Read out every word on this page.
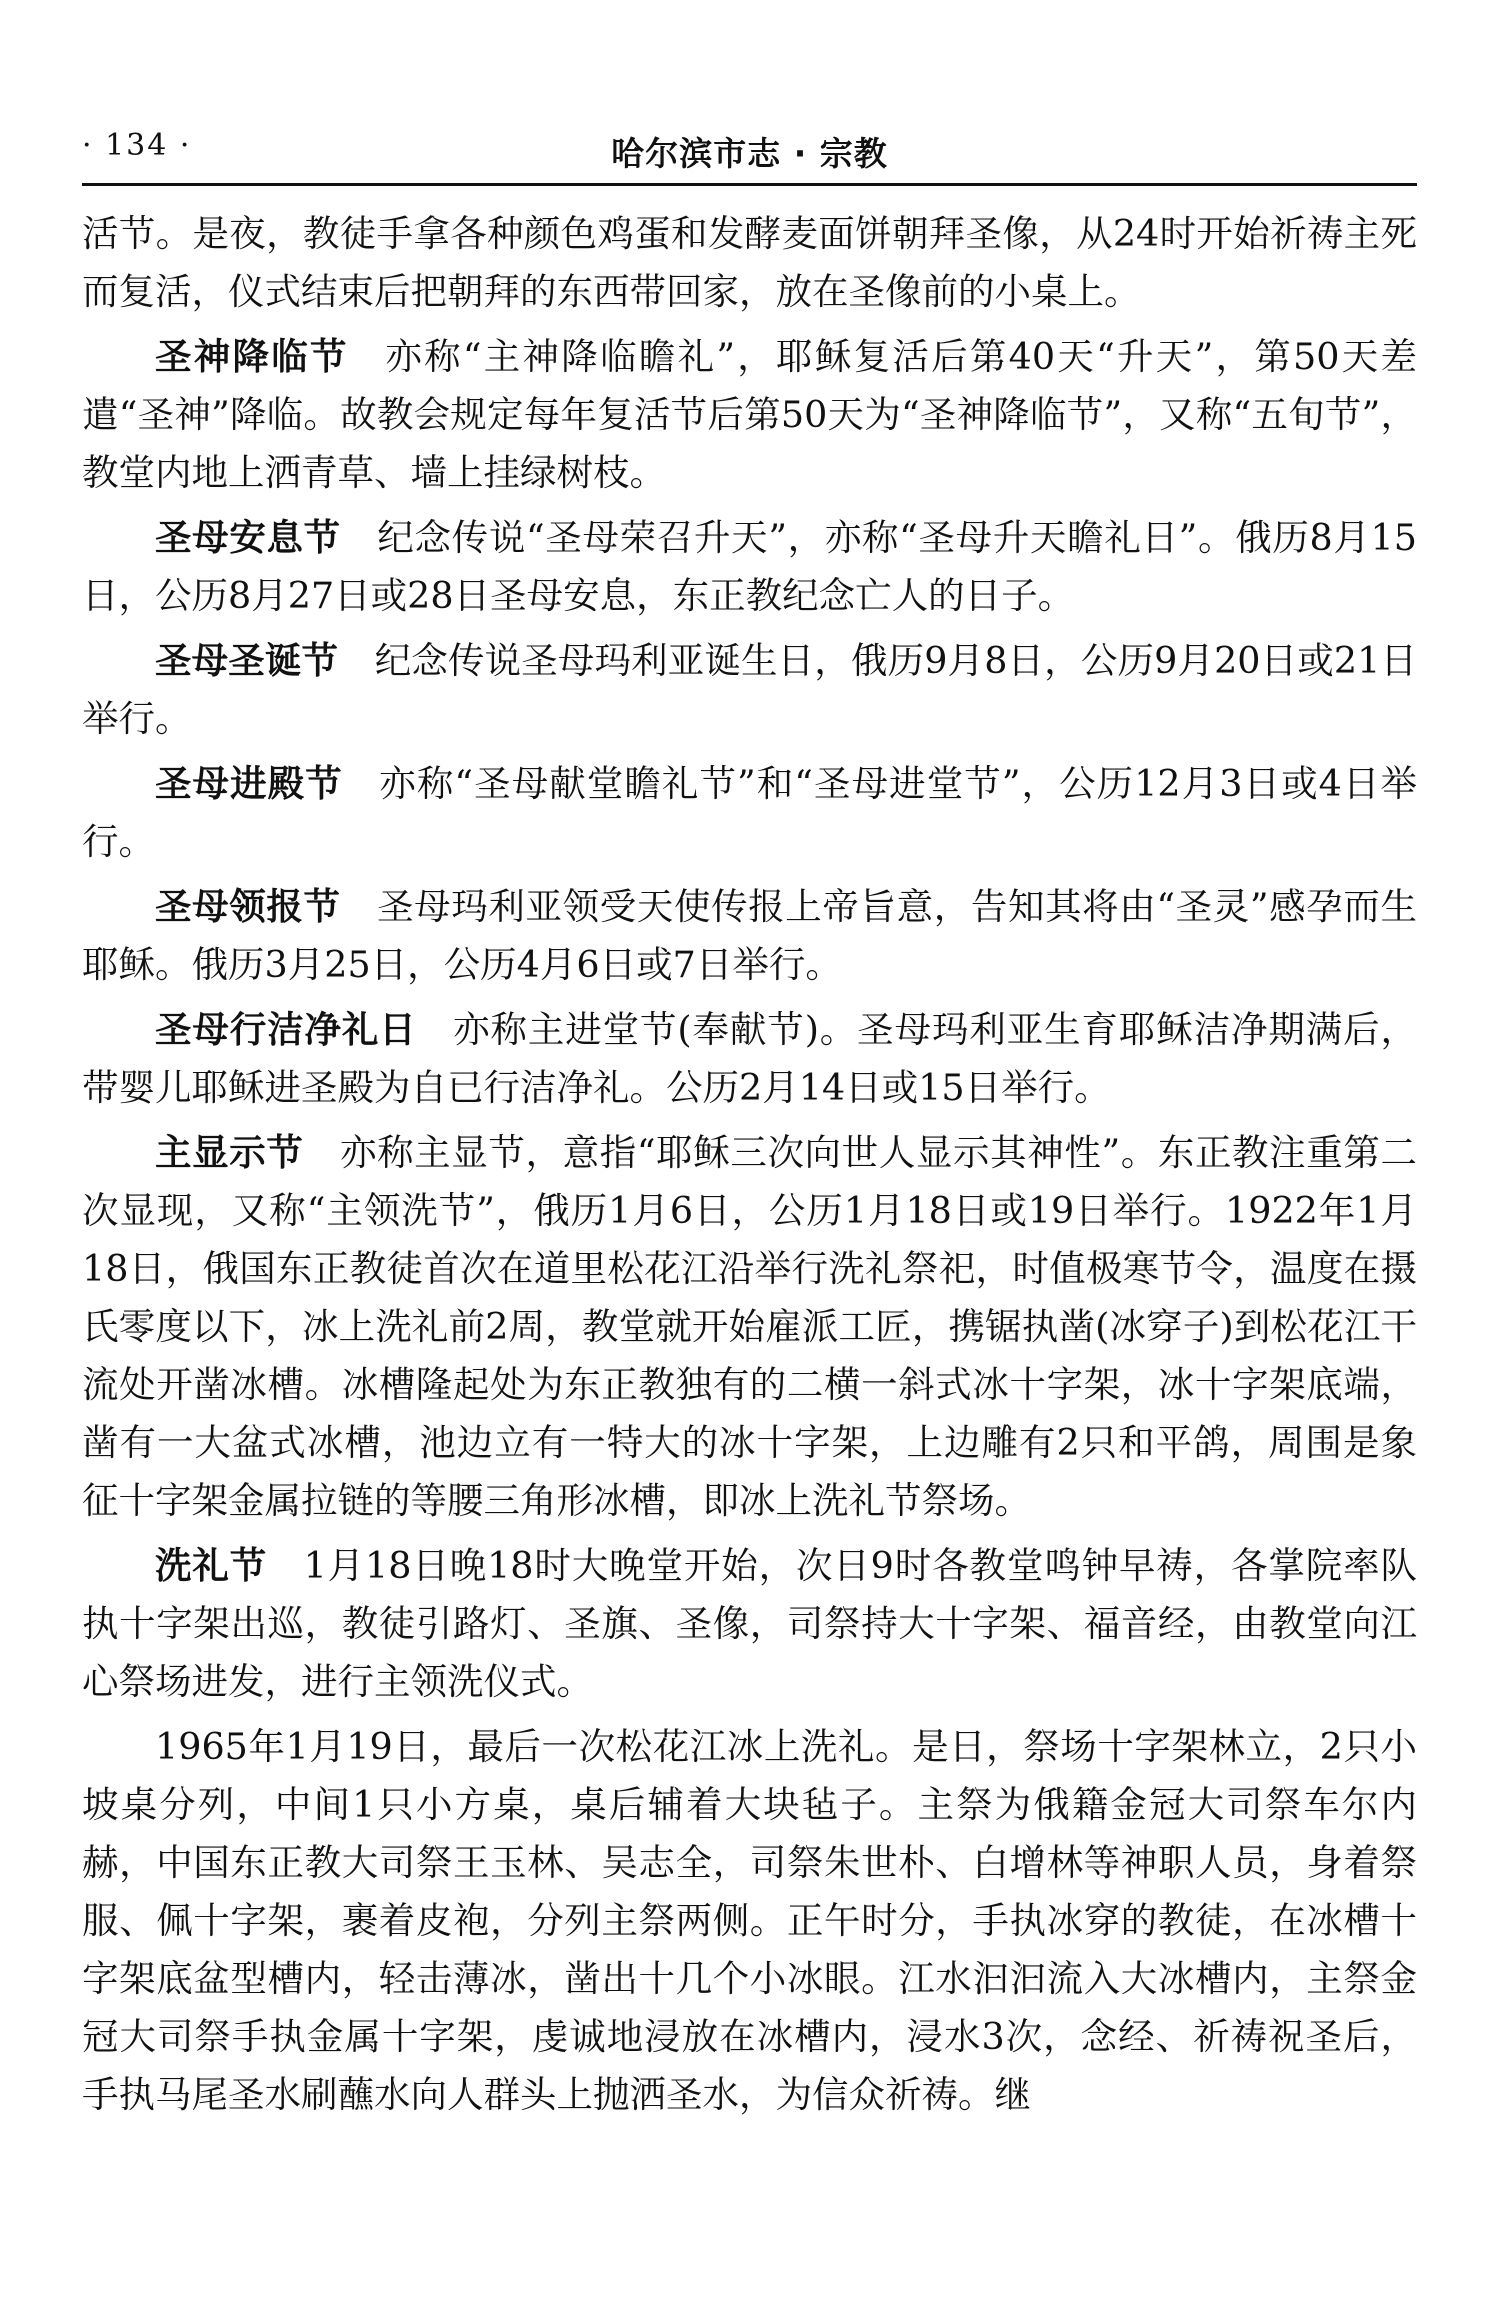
· 134 ·	哈尔滨市志 · 宗教

活节。是夜，教徒手拿各种颜色鸡蛋和发酵麦面饼朝拜圣像，从24时开始祈祷主死而复活，仪式结束后把朝拜的东西带回家，放在圣像前的小桌上。

圣神降临节 亦称“主神降临瞻礼”，耶稣复活后第40天“升天”，第50天差遣“圣神”降临。故教会规定每年复活节后第50天为“圣神降临节”，又称“五旬节”，教堂内地上洒青草、墙上挂绿树枝。

圣母安息节 纪念传说“圣母荣召升天”，亦称“圣母升天瞻礼日”。俄历8月15日，公历8月27日或28日圣母安息，东正教纪念亡人的日子。

圣母圣诞节 纪念传说圣母玛利亚诞生日，俄历9月8日，公历9月20日或21日举行。

圣母进殿节 亦称“圣母献堂瞻礼节”和“圣母进堂节”，公历12月3日或4日举行。

圣母领报节 圣母玛利亚领受天使传报上帝旨意，告知其将由“圣灵”感孕而生耶稣。俄历3月25日，公历4月6日或7日举行。

圣母行洁净礼日 亦称主进堂节(奉献节)。圣母玛利亚生育耶稣洁净期满后，带婴儿耶稣进圣殿为自已行洁净礼。公历2月14日或15日举行。

主显示节 亦称主显节，意指“耶稣三次向世人显示其神性”。东正教注重第二次显现，又称“主领洗节”，俄历1月6日，公历1月18日或19日举行。1922年1月18日，俄国东正教徒首次在道里松花江沿举行洗礼祭祀，时值极寒节令，温度在摄氏零度以下，冰上洗礼前2周，教堂就开始雇派工匠，携锯执凿(冰穿子)到松花江干流处开凿冰槽。冰槽隆起处为东正教独有的二横一斜式冰十字架，冰十字架底端，凿有一大盆式冰槽，池边立有一特大的冰十字架，上边雕有2只和平鸽，周围是象征十字架金属拉链的等腰三角形冰槽，即冰上洗礼节祭场。

洗礼节 1月18日晚18时大晚堂开始，次日9时各教堂鸣钟早祷，各掌院率队执十字架出巡，教徒引路灯、圣旗、圣像，司祭持大十字架、福音经，由教堂向江心祭场进发，进行主领洗仪式。

1965年1月19日，最后一次松花江冰上洗礼。是日，祭场十字架林立，2只小坡桌分列，中间1只小方桌，桌后辅着大块毡子。主祭为俄籍金冠大司祭车尔内赫，中国东正教大司祭王玉林、吴志全，司祭朱世朴、白增林等神职人员，身着祭服、佩十字架，裹着皮袍，分列主祭两侧。正午时分，手执冰穿的教徒，在冰槽十字架底盆型槽内，轻击薄冰，凿出十几个小冰眼。江水汩汩流入大冰槽内，主祭金冠大司祭手执金属十字架，虔诚地浸放在冰槽内，浸水3次，念经、祈祷祝圣后，手执马尾圣水刷蘸水向人群头上抛洒圣水，为信众祈祷。继
